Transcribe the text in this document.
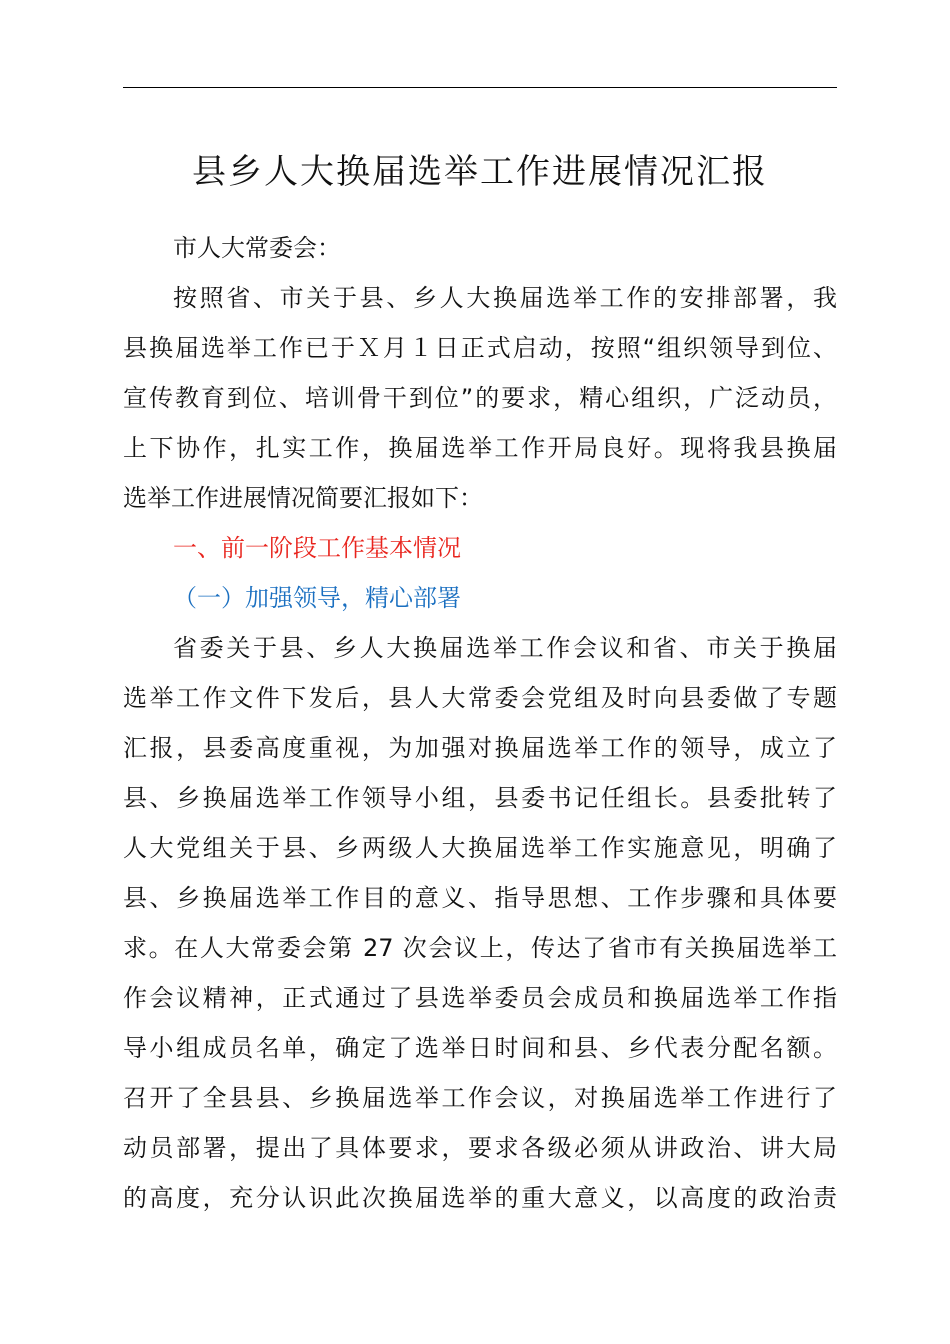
县乡人大换届选举工作进展情况汇报
市人大常委会：
按照省、市关于县、乡人大换届选举工作的安排部署，我
县换届选举工作已于Ｘ月１日正式启动，按照“组织领导到位、
宣传教育到位、培训骨干到位”的要求，精心组织，广泛动员，
上下协作，扎实工作，换届选举工作开局良好。现将我县换届
选举工作进展情况简要汇报如下：
一、前一阶段工作基本情况
（一）加强领导，精心部署
省委关于县、乡人大换届选举工作会议和省、市关于换届
选举工作文件下发后，县人大常委会党组及时向县委做了专题
汇报，县委高度重视，为加强对换届选举工作的领导，成立了
县、乡换届选举工作领导小组，县委书记任组长。县委批转了
人大党组关于县、乡两级人大换届选举工作实施意见，明确了
县、乡换届选举工作目的意义、指导思想、工作步骤和具体要
求。在人大常委会第 27 次会议上，传达了省市有关换届选举工
作会议精神，正式通过了县选举委员会成员和换届选举工作指
导小组成员名单，确定了选举日时间和县、乡代表分配名额。
召开了全县县、乡换届选举工作会议，对换届选举工作进行了
动员部署，提出了具体要求，要求各级必须从讲政治、讲大局
的高度，充分认识此次换届选举的重大意义，以高度的政治责
